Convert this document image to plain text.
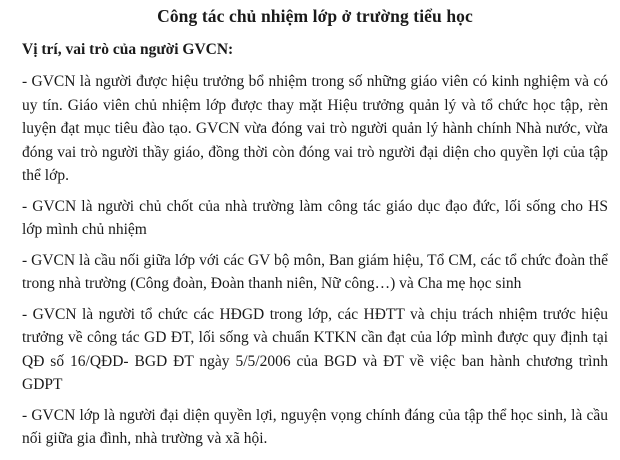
Công tác chủ nhiệm lớp ở trường tiểu học
Vị trí, vai trò của người GVCN:

- GVCN là người được hiệu trưởng bổ nhiệm trong số những giáo viên có kinh nghiệm và có uy tín. Giáo viên chủ nhiệm lớp được thay mặt Hiệu trưởng quản lý và tổ chức học tập, rèn luyện đạt mục tiêu đào tạo. GVCN vừa đóng vai trò người quản lý hành chính Nhà nước, vừa đóng vai trò người thầy giáo, đồng thời còn đóng vai trò người đại diện cho quyền lợi của tập thể lớp.

- GVCN là người chủ chốt của nhà trường làm công tác giáo dục đạo đức, lối sống cho HS lớp mình chủ nhiệm

- GVCN là cầu nối giữa lớp với các GV bộ môn, Ban giám hiệu, Tổ CM, các tổ chức đoàn thể trong nhà trường (Công đoàn, Đoàn thanh niên, Nữ công…) và Cha mẹ học sinh

- GVCN là người tổ chức các HĐGD trong lớp, các HĐTT và chịu trách nhiệm trước hiệu trưởng về công tác GD ĐT, lối sống và chuẩn KTKN cần đạt của lớp mình được quy định tại QĐ số 16/QĐD- BGD ĐT ngày 5/5/2006 của BGD và ĐT về việc ban hành chương trình GDPT

- GVCN lớp là người đại diện quyền lợi, nguyện vọng chính đáng của tập thể học sinh, là cầu nối giữa gia đình, nhà trường và xã hội.
